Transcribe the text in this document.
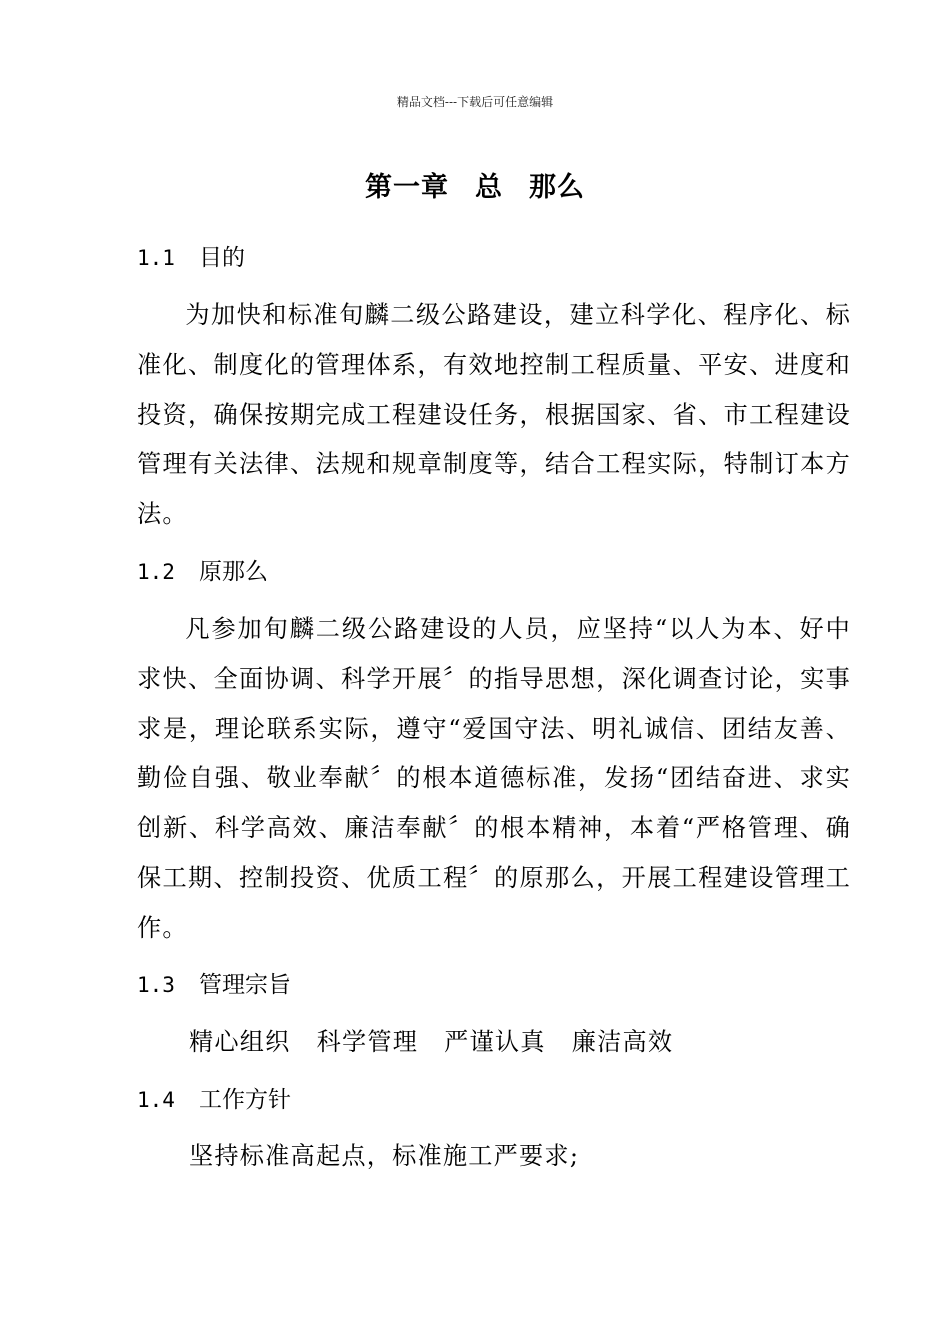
精品文档---下载后可任意编辑
第一章 总 那么
1.1 目的

为加快和标准旬麟二级公路建设，建立科学化、程序化、标准化、制度化的管理体系，有效地控制工程质量、平安、进度和投资，确保按期完成工程建设任务，根据国家、省、市工程建设管理有关法律、法规和规章制度等，结合工程实际，特制订本方法。

1.2 原那么

凡参加旬麟二级公路建设的人员，应坚持“以人为本、好中求快、全面协调、科学开展〞的指导思想，深化调查讨论，实事求是，理论联系实际，遵守“爱国守法、明礼诚信、团结友善、勤俭自强、敬业奉献〞的根本道德标准，发扬“团结奋进、求实创新、科学高效、廉洁奉献〞的根本精神，本着“严格管理、确保工期、控制投资、优质工程〞的原那么，开展工程建设管理工作。

1.3 管理宗旨
精心组织 科学管理 严谨认真 廉洁高效
1.4 工作方针
坚持标准高起点，标准施工严要求;
